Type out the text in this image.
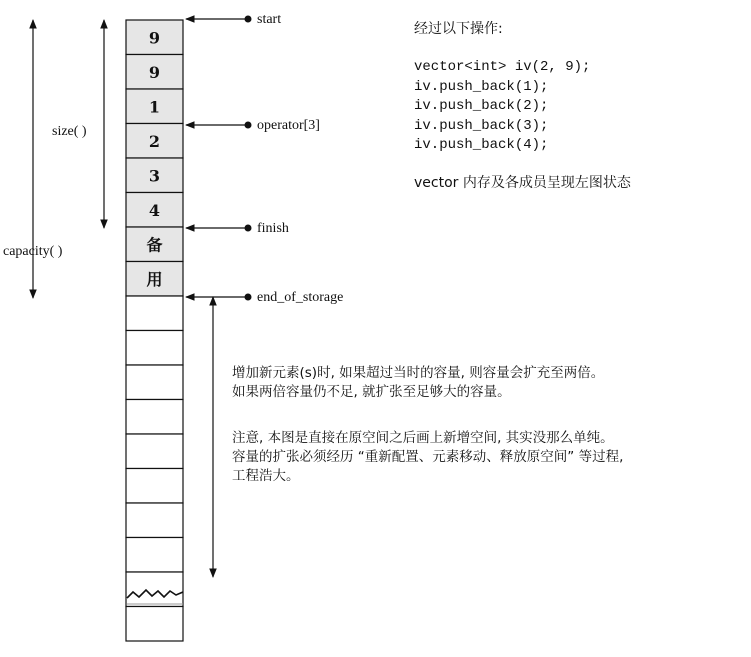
9
9
1
2
3
4
备
用
size( )
capacity( )
start
operator[3]
finish
end_of_storage

经过以下操作:

vector<int> iv(2, 9);

iv.push_back(1);

iv.push_back(2);

iv.push_back(3);

iv.push_back(4);

vector 内存及各成员呈现左图状态

增加新元素(s)时, 如果超过当时的容量, 则容量会扩充至两倍。

如果两倍容量仍不足, 就扩张至足够大的容量。

注意, 本图是直接在原空间之后画上新增空间, 其实没那么单纯。

容量的扩张必须经历 “重新配置、元素移动、释放原空间” 等过程,

工程浩大。
